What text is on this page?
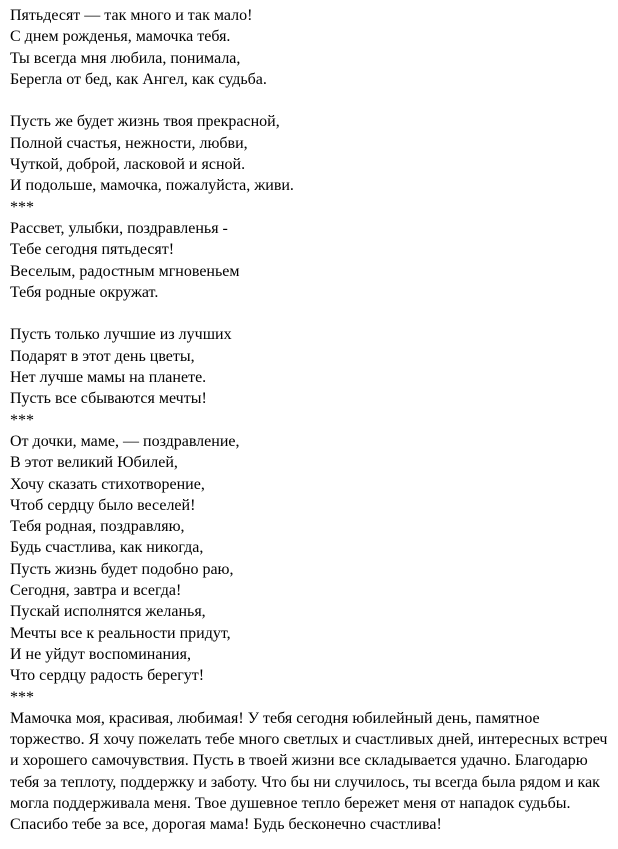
Пятьдесят — так много и так мало!
С днем рожденья, мамочка тебя.
Ты всегда мня любила, понимала,
Берегла от бед, как Ангел, как судьба.
Пусть же будет жизнь твоя прекрасной,
Полной счастья, нежности, любви,
Чуткой, доброй, ласковой и ясной.
И подольше, мамочка, пожалуйста, живи.
***
Рассвет, улыбки, поздравленья -
Тебе сегодня пятьдесят!
Веселым, радостным мгновеньем
Тебя родные окружат.
Пусть только лучшие из лучших
Подарят в этот день цветы,
Нет лучше мамы на планете.
Пусть все сбываются мечты!
***
От дочки, маме, — поздравление,
В этот великий Юбилей,
Хочу сказать стихотворение,
Чтоб сердцу было веселей!
Тебя родная, поздравляю,
Будь счастлива, как никогда,
Пусть жизнь будет подобно раю,
Сегодня, завтра и всегда!
Пускай исполнятся желанья,
Мечты все к реальности придут,
И не уйдут воспоминания,
Что сердцу радость берегут!
***
Мамочка моя, красивая, любимая! У тебя сегодня юбилейный день, памятное торжество. Я хочу пожелать тебе много светлых и счастливых дней, интересных встреч и хорошего самочувствия. Пусть в твоей жизни все складывается удачно. Благодарю тебя за теплоту, поддержку и заботу. Что бы ни случилось, ты всегда была рядом и как могла поддерживала меня. Твое душевное тепло бережет меня от нападок судьбы. Спасибо тебе за все, дорогая мама! Будь бесконечно счастлива!
